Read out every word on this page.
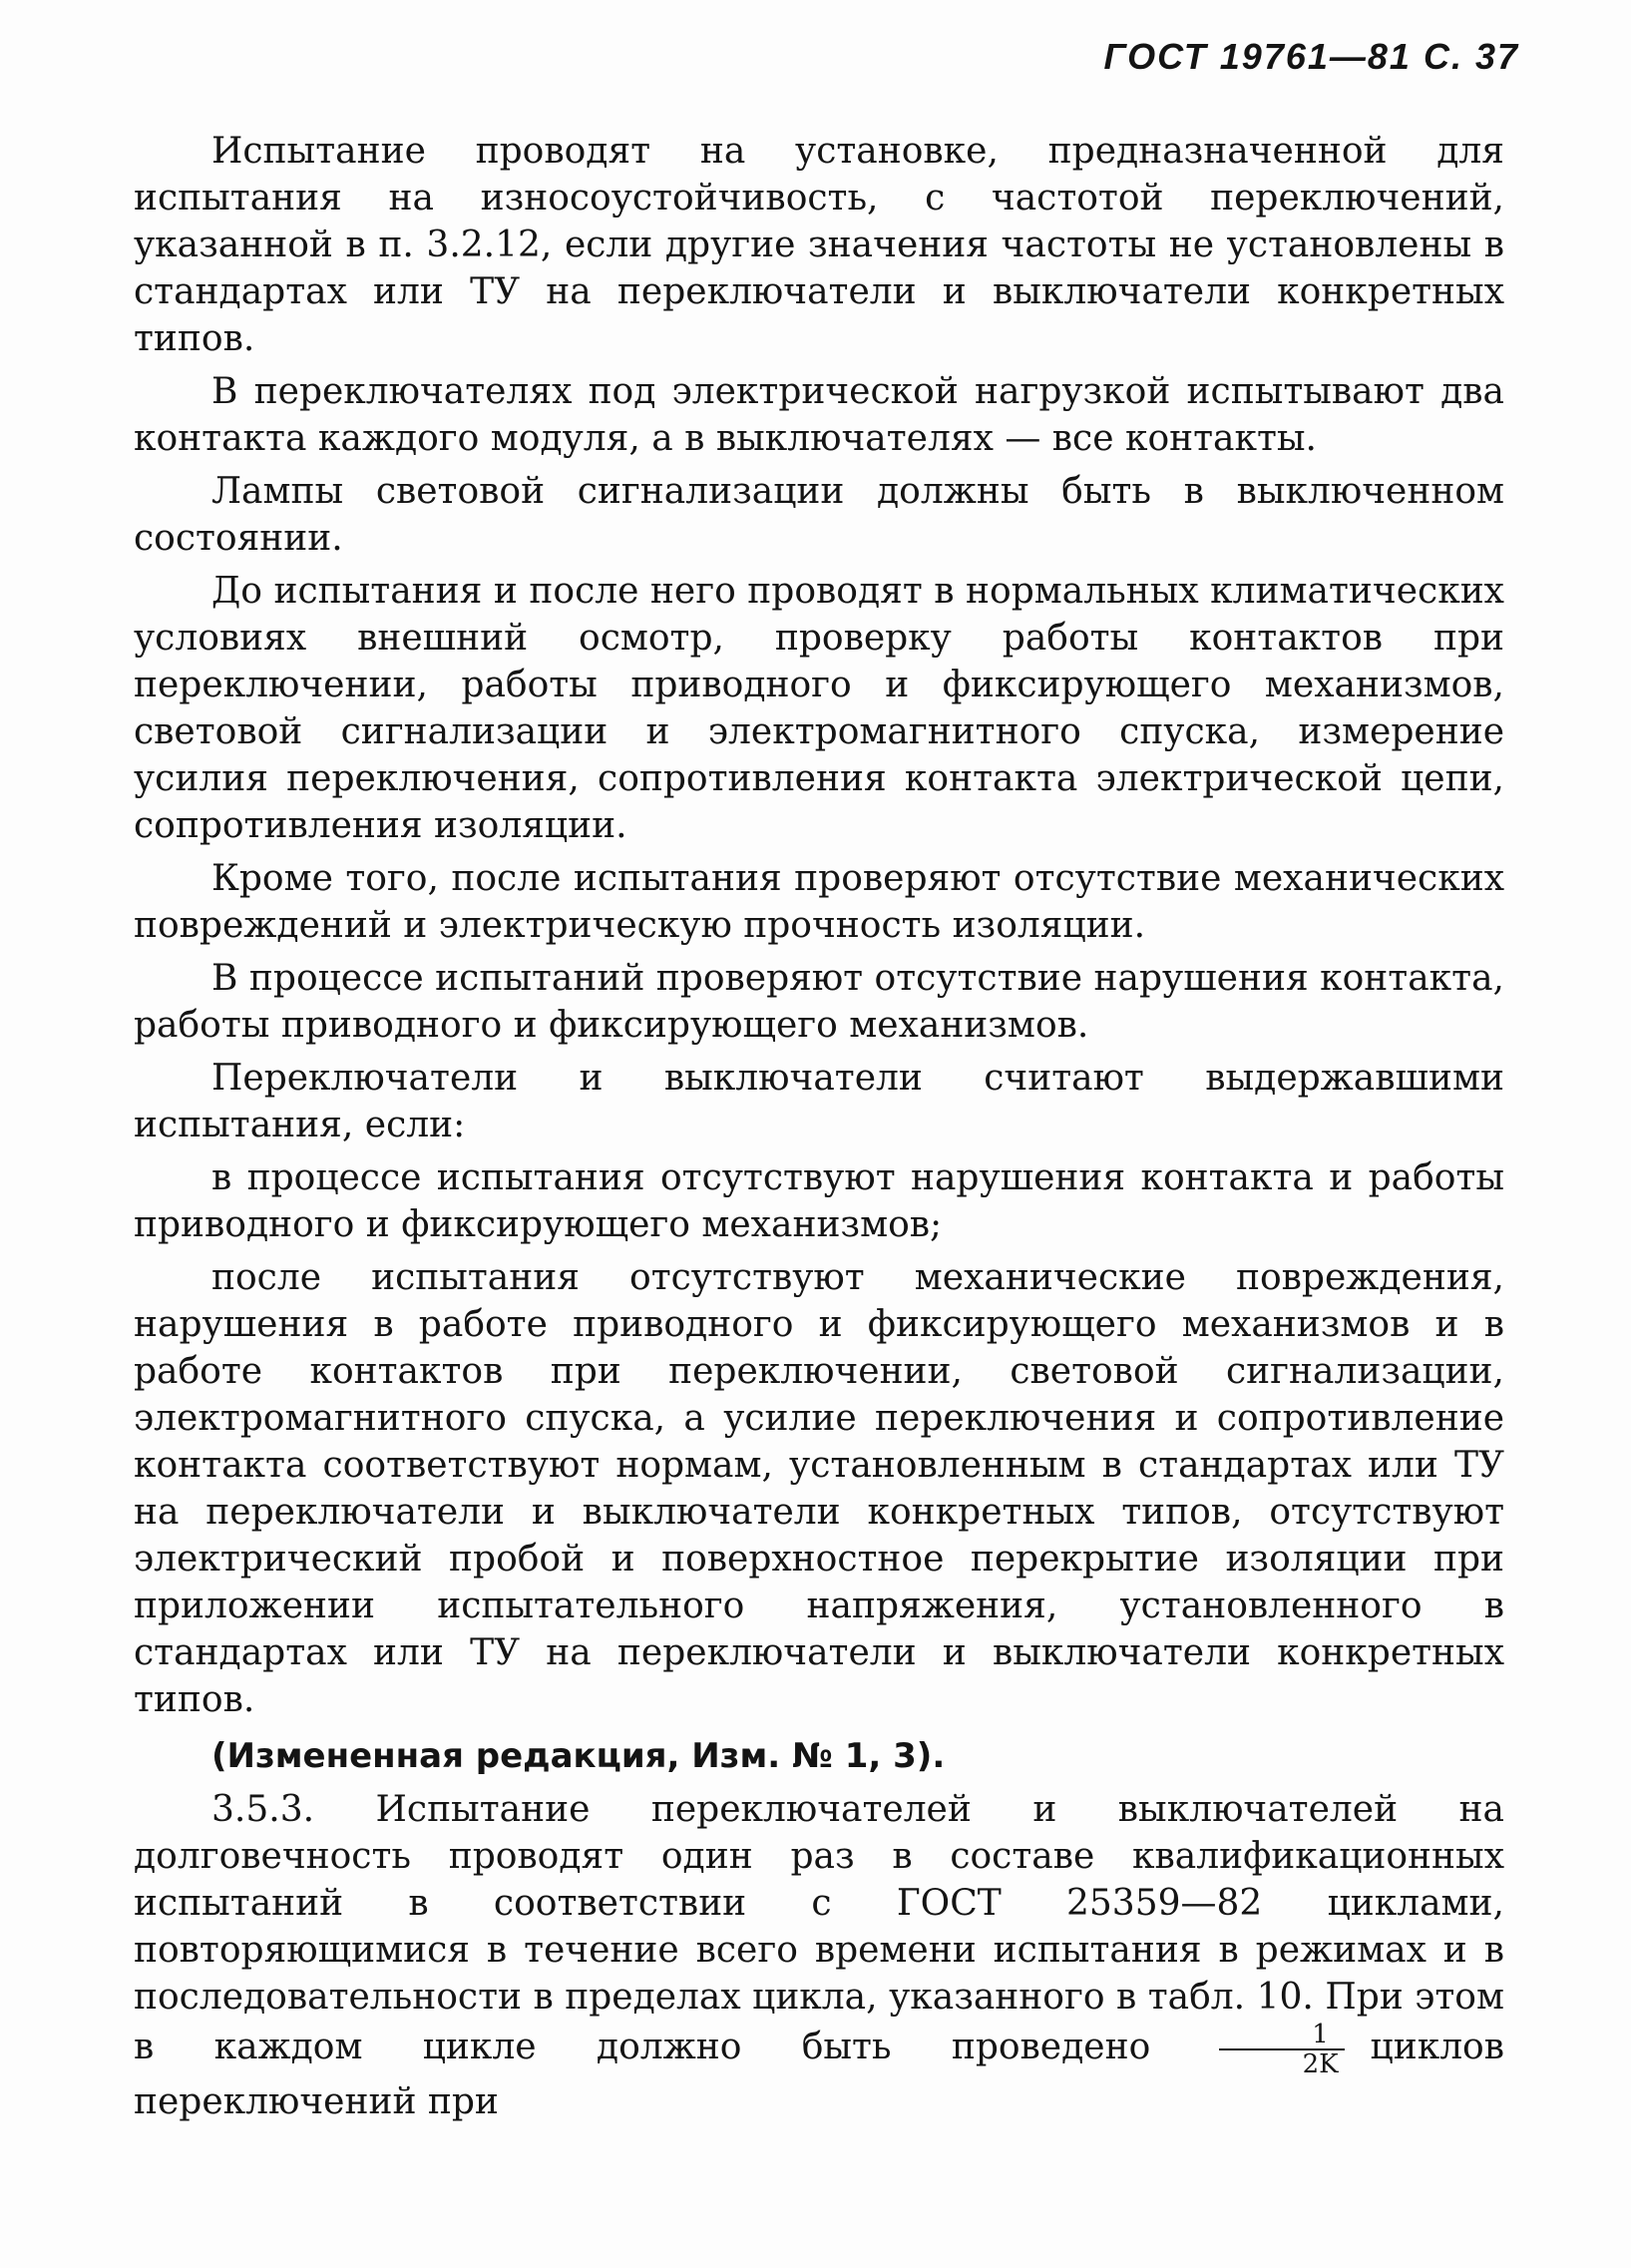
ГОСТ 19761—81 С. 37

Испытание проводят на установке, предназначенной для испытания на износоустойчивость, с частотой переключений, указанной в п. 3.2.12, если другие значения частоты не установлены в стандартах или ТУ на переключатели и выключатели конкретных типов.

В переключателях под электрической нагрузкой испытывают два контакта каждого модуля, а в выключателях — все контакты.

Лампы световой сигнализации должны быть в выключенном состоянии.

До испытания и после него проводят в нормальных климатических условиях внешний осмотр, проверку работы контактов при переключении, работы приводного и фиксирующего механизмов, световой сигнализации и электромагнитного спуска, измерение усилия переключения, сопротивления контакта электрической цепи, сопротивления изоляции.

Кроме того, после испытания проверяют отсутствие механических повреждений и электрическую прочность изоляции.

В процессе испытаний проверяют отсутствие нарушения контакта, работы приводного и фиксирующего механизмов.

Переключатели и выключатели считают выдержавшими испытания, если:

в процессе испытания отсутствуют нарушения контакта и работы приводного и фиксирующего механизмов;

после испытания отсутствуют механические повреждения, нарушения в работе приводного и фиксирующего механизмов и в работе контактов при переключении, световой сигнализации, электромагнитного спуска, а усилие переключения и сопротивление контакта соответствуют нормам, установленным в стандартах или ТУ на переключатели и выключатели конкретных типов, отсутствуют электрический пробой и поверхностное перекрытие изоляции при приложении испытательного напряжения, установленного в стандартах или ТУ на переключатели и выключатели конкретных типов.

(Измененная редакция, Изм. № 1, 3).

3.5.3. Испытание переключателей и выключателей на долговечность проводят один раз в составе квалификационных испытаний в соответствии с ГОСТ 25359—82 циклами, повторяющимися в течение всего времени испытания в режимах и в последовательности в пределах цикла, указанного в табл. 10. При этом в каждом цикле должно быть проведено	$\frac{1}{2K}$ циклов переключений при
